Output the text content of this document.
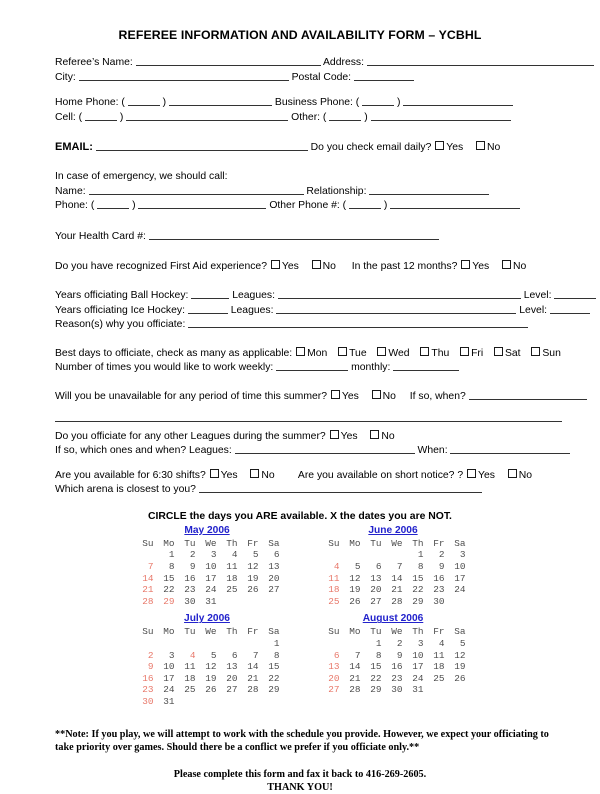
REFEREE INFORMATION AND AVAILABILITY FORM – YCBHL
Referee’s Name:	Address:
City:	Postal Code:
Home Phone: (	)	Business Phone: (	)
Cell: (	)	Other: (	)
EMAIL:	Do you check email daily? Yes No
In case of emergency, we should call:
Name:	Relationship:
Phone: (	)	Other Phone #: (	)
Your Health Card #:
Do you have recognized First Aid experience? Yes No In the past 12 months? Yes No
Years officiating Ball Hockey:	Leagues:	Level:
Years officiating Ice Hockey:	Leagues:	Level:
Reason(s) why you officiate:
Best days to officiate, check as many as applicable: Mon Tue Wed Thu Fri Sat Sun
Number of times you would like to work weekly:	monthly:
Will you be unavailable for any period of time this summer? Yes No If so, when?
Do you officiate for any other Leagues during the summer? Yes No
If so, which ones and when? Leagues:	When:
Are you available for 6:30 shifts? Yes No Are you available on short notice? ? Yes No
Which arena is closest to you?
CIRCLE the days you ARE available. X the dates you are NOT.
May 2006
Su	Mo	Tu	We	Th	Fr	Sa
	1	2	3	4	5	6
7	8	9	10	11	12	13
14	15	16	17	18	19	20
21	22	23	24	25	26	27
28	29	30	31			
June 2006
Su	Mo	Tu	We	Th	Fr	Sa
				1	2	3
4	5	6	7	8	9	10
11	12	13	14	15	16	17
18	19	20	21	22	23	24
25	26	27	28	29	30	
July 2006
Su	Mo	Tu	We	Th	Fr	Sa
						1
2	3	4	5	6	7	8
9	10	11	12	13	14	15
16	17	18	19	20	21	22
23	24	25	26	27	28	29
30	31					
August 2006
Su	Mo	Tu	We	Th	Fr	Sa
		1	2	3	4	5
6	7	8	9	10	11	12
13	14	15	16	17	18	19
20	21	22	23	24	25	26
27	28	29	30	31		
**Note: If you play, we will attempt to work with the schedule you provide. However, we expect your officiating to
take priority over games. Should there be a conflict we prefer if you officiate only.**
Please complete this form and fax it back to 416-269-2605.
THANK YOU!
